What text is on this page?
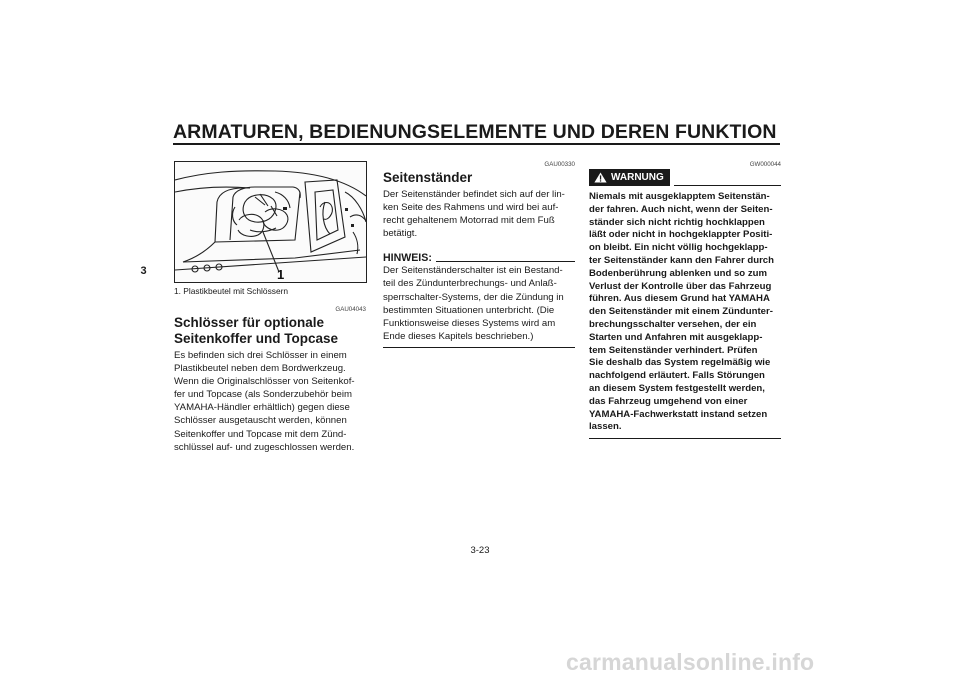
ARMATUREN, BEDIENUNGSELEMENTE UND DEREN FUNKTION
3	1
1. Plastikbeutel mit Schlössern
GAU04043
Schlösser für optionale Seitenkoffer und Topcase
Es befinden sich drei Schlösser in einem
Plastikbeutel neben dem Bordwerkzeug.
Wenn die Originalschlösser von Seitenkof-
fer und Topcase (als Sonderzubehör beim
YAMAHA-Händler erhältlich) gegen diese
Schlösser ausgetauscht werden, können
Seitenkoffer und Topcase mit dem Zünd-
schlüssel auf- und zugeschlossen werden.
GAU00330
Seitenständer
Der Seitenständer befindet sich auf der lin-
ken Seite des Rahmens und wird bei auf-
recht gehaltenem Motorrad mit dem Fuß
betätigt.
HINWEIS:
Der Seitenständerschalter ist ein Bestand-
teil des Zündunterbrechungs- und Anlaß-
sperrschalter-Systems, der die Zündung in
bestimmten Situationen unterbricht. (Die
Funktionsweise dieses Systems wird am
Ende dieses Kapitels beschrieben.)
GW000044
WARNUNG
Niemals mit ausgeklapptem Seitenstän-
der fahren. Auch nicht, wenn der Seiten-
ständer sich nicht richtig hochklappen
läßt oder nicht in hochgeklappter Positi-
on bleibt. Ein nicht völlig hochgeklapp-
ter Seitenständer kann den Fahrer durch
Bodenberührung ablenken und so zum
Verlust der Kontrolle über das Fahrzeug
führen. Aus diesem Grund hat YAMAHA
den Seitenständer mit einem Zündunter-
brechungsschalter versehen, der ein
Starten und Anfahren mit ausgeklapp-
tem Seitenständer verhindert. Prüfen
Sie deshalb das System regelmäßig wie
nachfolgend erläutert. Falls Störungen
an diesem System festgestellt werden,
das Fahrzeug umgehend von einer
YAMAHA-Fachwerkstatt instand setzen
lassen.
3-23
carmanualsonline.info
